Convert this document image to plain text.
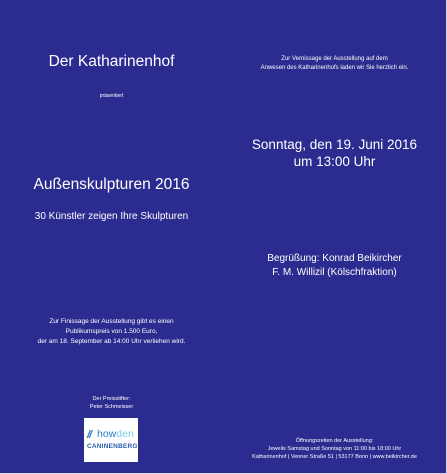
Der Katharinenhof
präsentiert
Außenskulpturen 2016
30 Künstler zeigen Ihre Skulpturen
Zur Finissage der Ausstellung gibt es einen
Publikumspreis von 1.500 Euro,
der am 18. September ab 14:00 Uhr verliehen wird.
Der Preisstifter:
Peter Schmeisser
// howden
CANINENBERG
Zur Vernissage der Ausstellung auf dem
Anwesen des Katharinenhofs laden wir Sie herzlich ein.
Sonntag, den 19. Juni 2016
um 13:00 Uhr
Begrüßung: Konrad Beikircher
F. M. Willizil (Kölschfraktion)
Öffnungszeiten der Ausstellung:
Jeweils Samstag und Sonntag von 11:00 bis 18:00 Uhr
Katharinenhof | Venner Straße 51 | 53177 Bonn | www.beikircher.de
